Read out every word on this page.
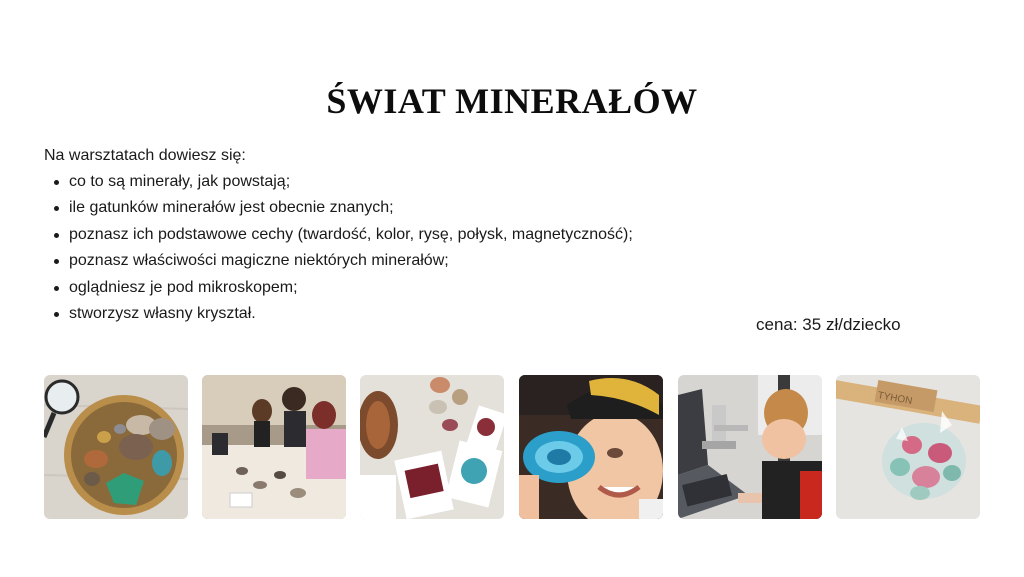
ŚWIAT MINERAŁÓW
Na warsztatach dowiesz się:
co to są minerały, jak powstają;
ile gatunków minerałów jest obecnie znanych;
poznasz ich podstawowe cechy (twardość, kolor, rysę, połysk, magnetyczność);
poznasz właściwości magiczne niektórych minerałów;
oglądniesz je pod mikroskopem;
stworzysz własny kryształ.
cena: 35 zł/dziecko
TYHON
